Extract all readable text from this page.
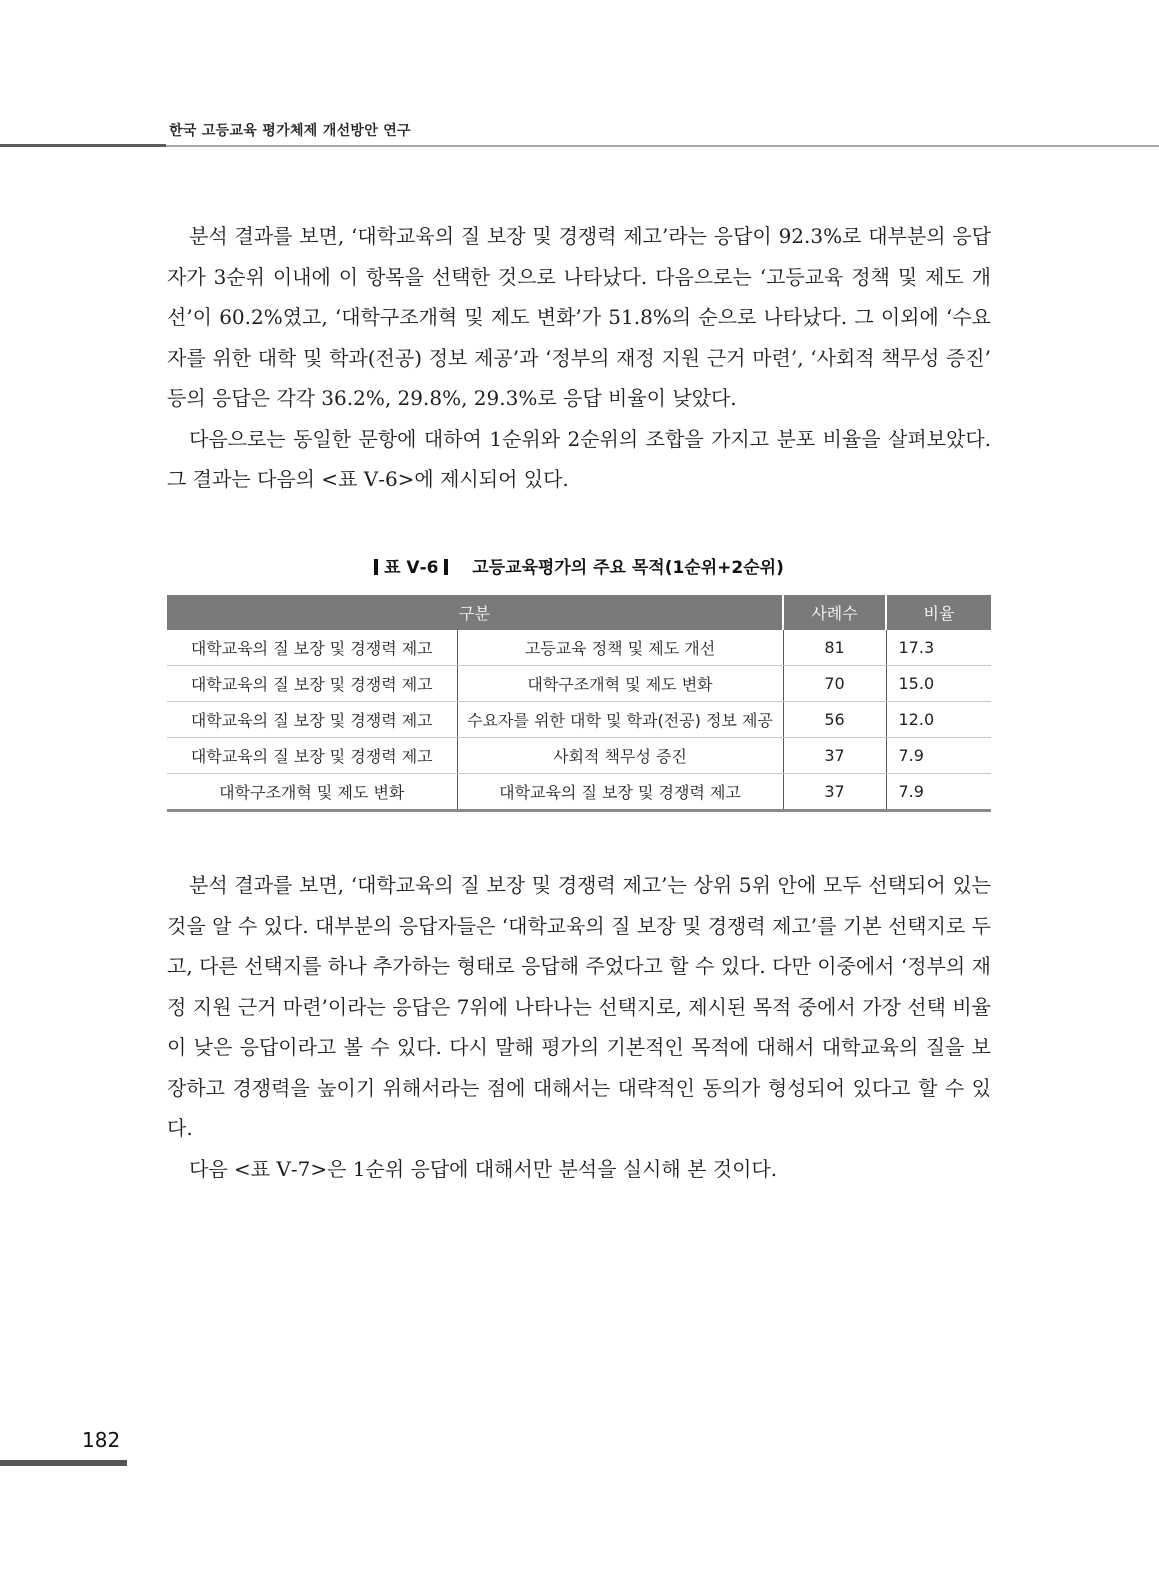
한국 고등교육 평가체제 개선방안 연구

분석 결과를 보면, ‘대학교육의 질 보장 및 경쟁력 제고’라는 응답이 92.3%로 대부분의 응답자가 3순위 이내에 이 항목을 선택한 것으로 나타났다. 다음으로는 ‘고등교육 정책 및 제도 개선’이 60.2%였고, ‘대학구조개혁 및 제도 변화’가 51.8%의 순으로 나타났다. 그 이외에 ‘수요자를 위한 대학 및 학과(전공) 정보 제공’과 ‘정부의 재정 지원 근거 마련’, ‘사회적 책무성 증진’ 등의 응답은 각각 36.2%, 29.8%, 29.3%로 응답 비율이 낮았다.

다음으로는 동일한 문항에 대하여 1순위와 2순위의 조합을 가지고 분포 비율을 살펴보았다. 그 결과는 다음의 <표 Ⅴ-6>에 제시되어 있다.

표 Ⅴ-6 고등교육평가의 주요 목적(1순위+2순위)
구분		사례수	비율
대학교육의 질 보장 및 경쟁력 제고	고등교육 정책 및 제도 개선	81	17.3
대학교육의 질 보장 및 경쟁력 제고	대학구조개혁 및 제도 변화	70	15.0
대학교육의 질 보장 및 경쟁력 제고	수요자를 위한 대학 및 학과(전공) 정보 제공	56	12.0
대학교육의 질 보장 및 경쟁력 제고	사회적 책무성 증진	37	7.9
대학구조개혁 및 제도 변화	대학교육의 질 보장 및 경쟁력 제고	37	7.9

분석 결과를 보면, ‘대학교육의 질 보장 및 경쟁력 제고’는 상위 5위 안에 모두 선택되어 있는 것을 알 수 있다. 대부분의 응답자들은 ‘대학교육의 질 보장 및 경쟁력 제고’를 기본 선택지로 두고, 다른 선택지를 하나 추가하는 형태로 응답해 주었다고 할 수 있다. 다만 이중에서 ‘정부의 재정 지원 근거 마련’이라는 응답은 7위에 나타나는 선택지로, 제시된 목적 중에서 가장 선택 비율이 낮은 응답이라고 볼 수 있다. 다시 말해 평가의 기본적인 목적에 대해서 대학교육의 질을 보장하고 경쟁력을 높이기 위해서라는 점에 대해서는 대략적인 동의가 형성되어 있다고 할 수 있다.

다음 <표 Ⅴ-7>은 1순위 응답에 대해서만 분석을 실시해 본 것이다.

182
